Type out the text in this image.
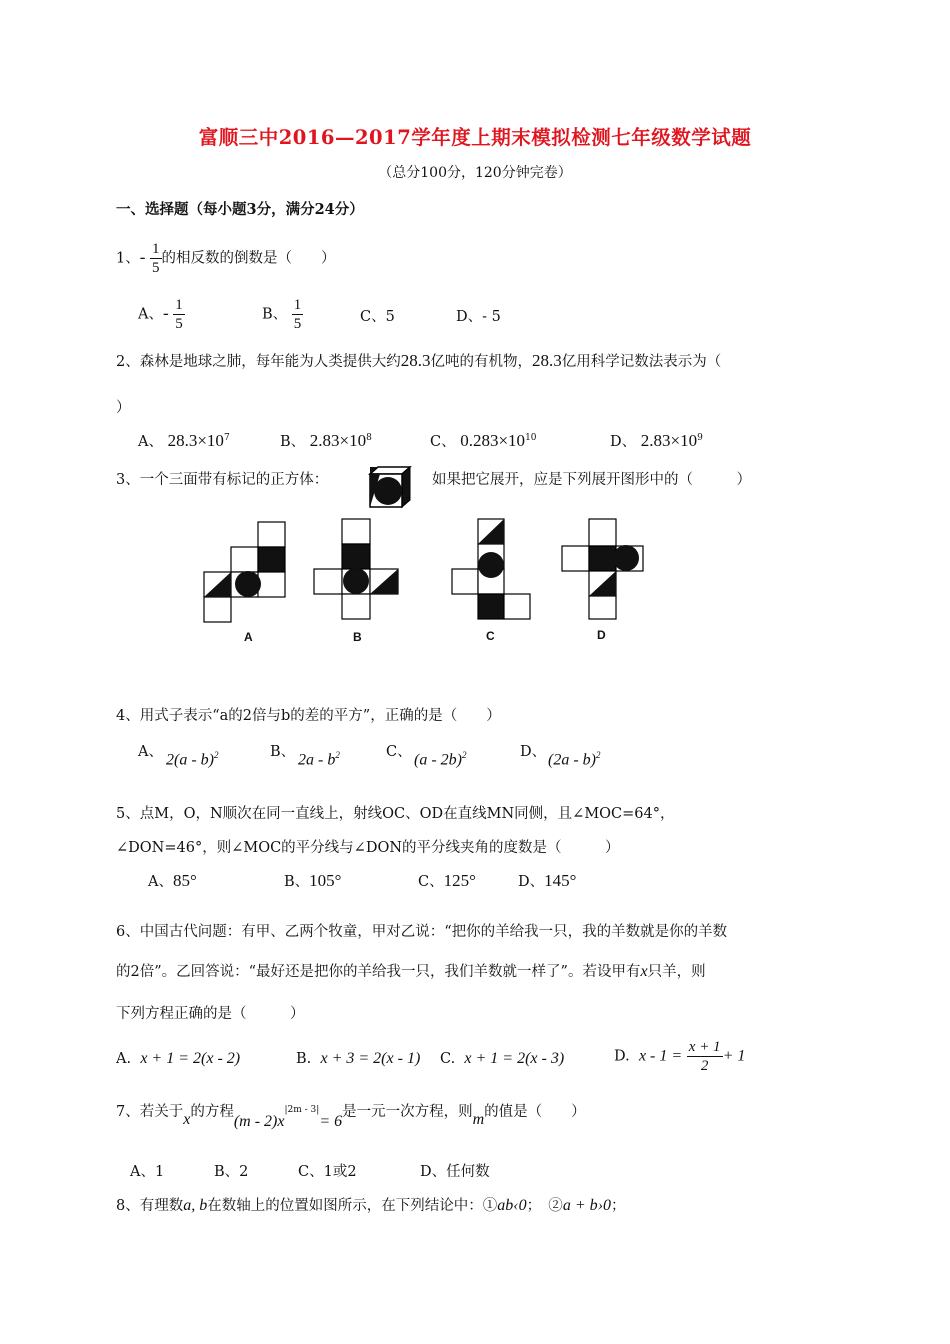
富顺三中2016—2017学年度上期末模拟检测七年级数学试题
（总分100分，120分钟完卷）
一、选择题（每小题3分，满分24分）
1、- $\frac{1}{5}$ 的相反数的倒数是（　　）
A、- $\frac{1}{5}$	B、 $\frac{1}{5}$	C、5	D、- 5
2、森林是地球之肺，每年能为人类提供大约28.3亿吨的有机物，28.3亿用科学记数法表示为（
）
A、 $28.3\times 10^7$	B、 $2.83\times 10^8$	C、 $0.283\times 10^{10}$	D、 $2.83\times 10^9$
3、一个三面带有标记的正方体：	如果把它展开，应是下列展开图形中的（　　　）
A	B	C	D
4、用式子表示“a的2倍与b的差的平方”，正确的是（　　）
A、 2(a - b)$^2$	B、 $2a - b^2$	C、 (a - 2b)$^2$	D、 (2a - b)$^2$
5、点M，O，N顺次在同一直线上，射线OC、OD在直线MN同侧，且∠MOC=64°，
∠DON=46°，则∠MOC的平分线与∠DON的平分线夹角的度数是（　　　）
A、85°	B、105°	C、125°	D、145°
6、中国古代问题：有甲、乙两个牧童，甲对乙说：“把你的羊给我一只，我的羊数就是你的羊数
的2倍”。乙回答说：“最好还是把你的羊给我一只，我们羊数就一样了”。若设甲有x只羊，则
下列方程正确的是（　　　）
A. x + 1 = 2(x - 2)	B. x + 3 = 2(x - 1) C. x + 1 = 2(x - 3)	D. $x - 1 = \frac{x + 1}{2} + 1$
7、若关于x的方程$(m - 2)x^{|2m - 3|}= 6$是一元一次方程，则m的值是（　　）
A、1	B、2	C、1或2	D、任何数
8、有理数a, b在数轴上的位置如图所示，在下列结论中：①ab‹0；　②a + b›0；
